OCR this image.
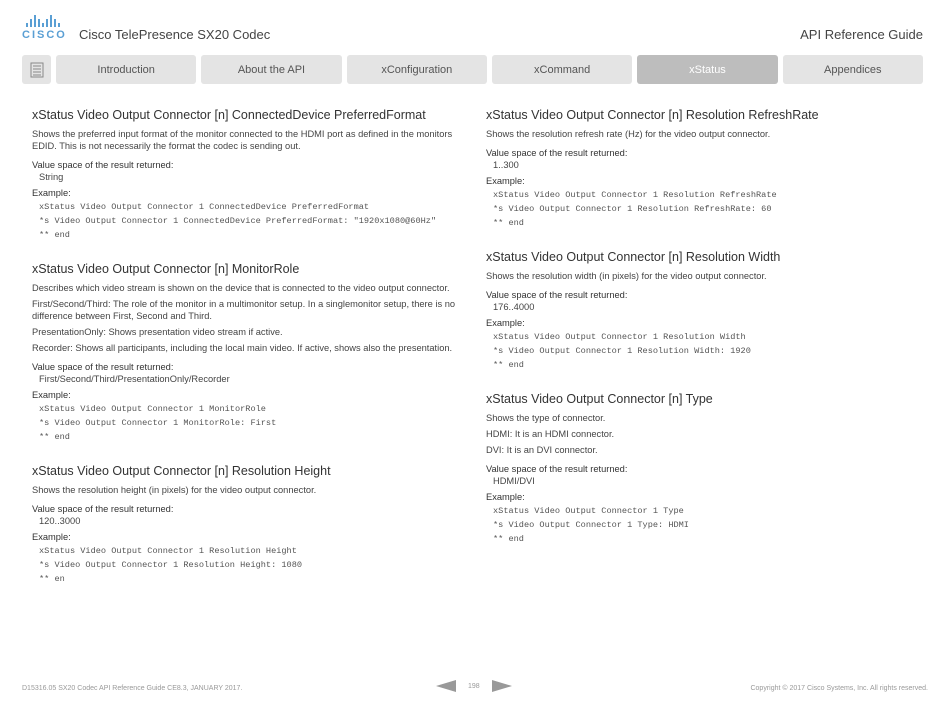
CISCO Cisco TelePresence SX20 Codec	API Reference Guide
Introduction	About the API	xConfiguration	xCommand	xStatus	Appendices
xStatus Video Output Connector [n] ConnectedDevice PreferredFormat

Shows the preferred input format of the monitor connected to the HDMI port as defined in the monitors EDID. This is not necessarily the format the codec is sending out.

Value space of the result returned:
String
Example:
xStatus Video Output Connector 1 ConnectedDevice PreferredFormat
*s Video Output Connector 1 ConnectedDevice PreferredFormat: "1920x1080@60Hz"
** end
xStatus Video Output Connector [n] MonitorRole

Describes which video stream is shown on the device that is connected to the video output connector.

First/Second/Third: The role of the monitor in a multimonitor setup. In a singlemonitor setup, there is no difference between First, Second and Third.

PresentationOnly: Shows presentation video stream if active.

Recorder: Shows all participants, including the local main video. If active, shows also the presentation.

Value space of the result returned:
First/Second/Third/PresentationOnly/Recorder
Example:
xStatus Video Output Connector 1 MonitorRole
*s Video Output Connector 1 MonitorRole: First
** end
xStatus Video Output Connector [n] Resolution Height

Shows the resolution height (in pixels) for the video output connector.

Value space of the result returned:
120..3000
Example:
xStatus Video Output Connector 1 Resolution Height
*s Video Output Connector 1 Resolution Height: 1080
** en
xStatus Video Output Connector [n] Resolution RefreshRate

Shows the resolution refresh rate (Hz) for the video output connector.

Value space of the result returned:
1..300
Example:
xStatus Video Output Connector 1 Resolution RefreshRate
*s Video Output Connector 1 Resolution RefreshRate: 60
** end
xStatus Video Output Connector [n] Resolution Width

Shows the resolution width (in pixels) for the video output connector.

Value space of the result returned:
176..4000
Example:
xStatus Video Output Connector 1 Resolution Width
*s Video Output Connector 1 Resolution Width: 1920
** end
xStatus Video Output Connector [n] Type

Shows the type of connector.

HDMI: It is an HDMI connector.

DVI: It is an DVI connector.

Value space of the result returned:
HDMI/DVI
Example:
xStatus Video Output Connector 1 Type
*s Video Output Connector 1 Type: HDMI
** end
D15316.05 SX20 Codec API Reference Guide CE8.3, JANUARY 2017.	198	Copyright © 2017 Cisco Systems, Inc. All rights reserved.
